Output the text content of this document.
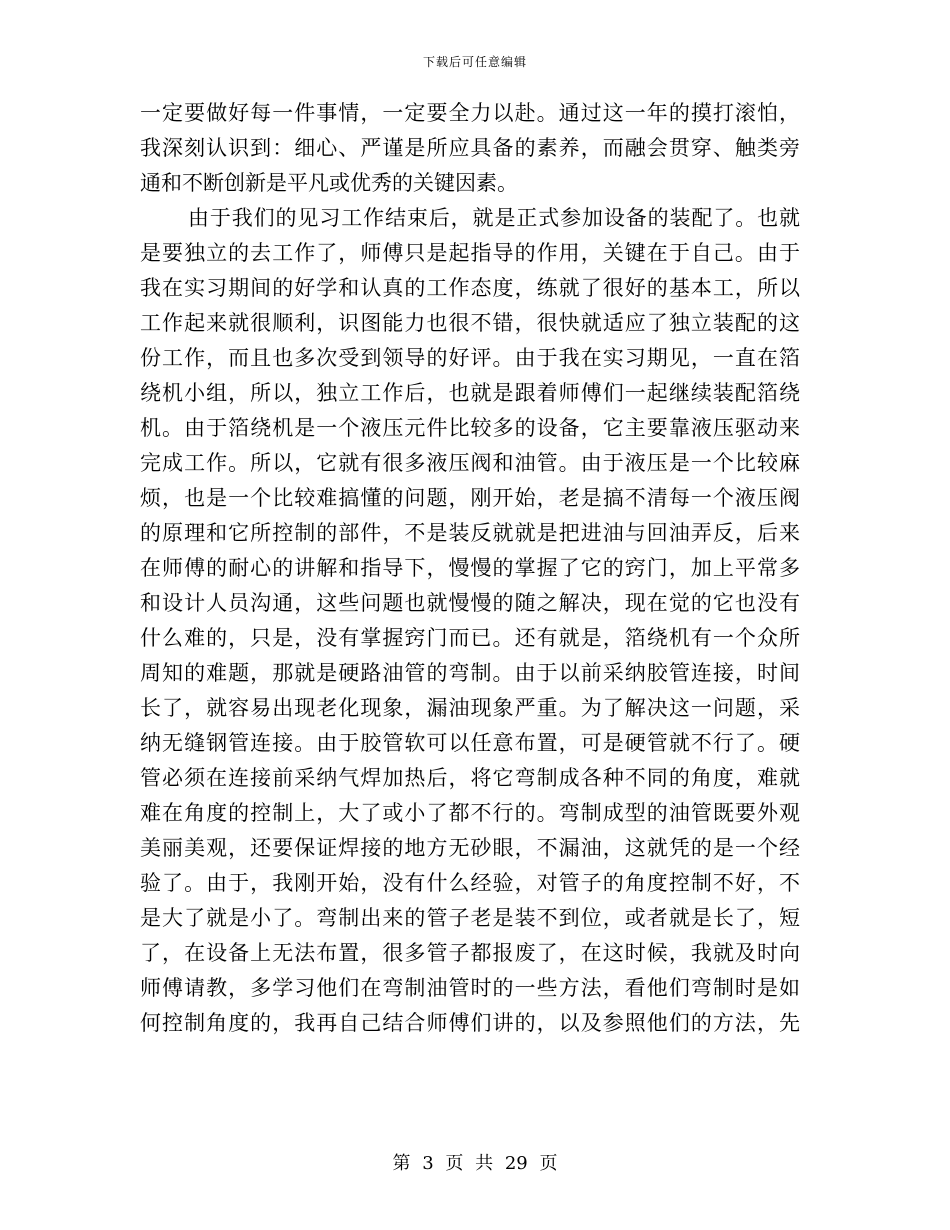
下载后可任意编辑
一定要做好每一件事情，一定要全力以赴。通过这一年的摸打滚怕，
我深刻认识到：细心、严谨是所应具备的素养，而融会贯穿、触类旁
通和不断创新是平凡或优秀的关键因素。
由于我们的见习工作结束后，就是正式参加设备的装配了。也就
是要独立的去工作了，师傅只是起指导的作用，关键在于自己。由于
我在实习期间的好学和认真的工作态度，练就了很好的基本工，所以
工作起来就很顺利，识图能力也很不错，很快就适应了独立装配的这
份工作，而且也多次受到领导的好评。由于我在实习期见，一直在箔
绕机小组，所以，独立工作后，也就是跟着师傅们一起继续装配箔绕
机。由于箔绕机是一个液压元件比较多的设备，它主要靠液压驱动来
完成工作。所以，它就有很多液压阀和油管。由于液压是一个比较麻
烦，也是一个比较难搞懂的问题，刚开始，老是搞不清每一个液压阀
的原理和它所控制的部件，不是装反就就是把进油与回油弄反，后来
在师傅的耐心的讲解和指导下，慢慢的掌握了它的窍门，加上平常多
和设计人员沟通，这些问题也就慢慢的随之解决，现在觉的它也没有
什么难的，只是，没有掌握窍门而已。还有就是，箔绕机有一个众所
周知的难题，那就是硬路油管的弯制。由于以前采纳胶管连接，时间
长了，就容易出现老化现象，漏油现象严重。为了解决这一问题，采
纳无缝钢管连接。由于胶管软可以任意布置，可是硬管就不行了。硬
管必须在连接前采纳气焊加热后，将它弯制成各种不同的角度，难就
难在角度的控制上，大了或小了都不行的。弯制成型的油管既要外观
美丽美观，还要保证焊接的地方无砂眼，不漏油，这就凭的是一个经
验了。由于，我刚开始，没有什么经验，对管子的角度控制不好，不
是大了就是小了。弯制出来的管子老是装不到位，或者就是长了，短
了，在设备上无法布置，很多管子都报废了，在这时候，我就及时向
师傅请教，多学习他们在弯制油管时的一些方法，看他们弯制时是如
何控制角度的，我再自己结合师傅们讲的，以及参照他们的方法，先
第 3 页 共 29 页
